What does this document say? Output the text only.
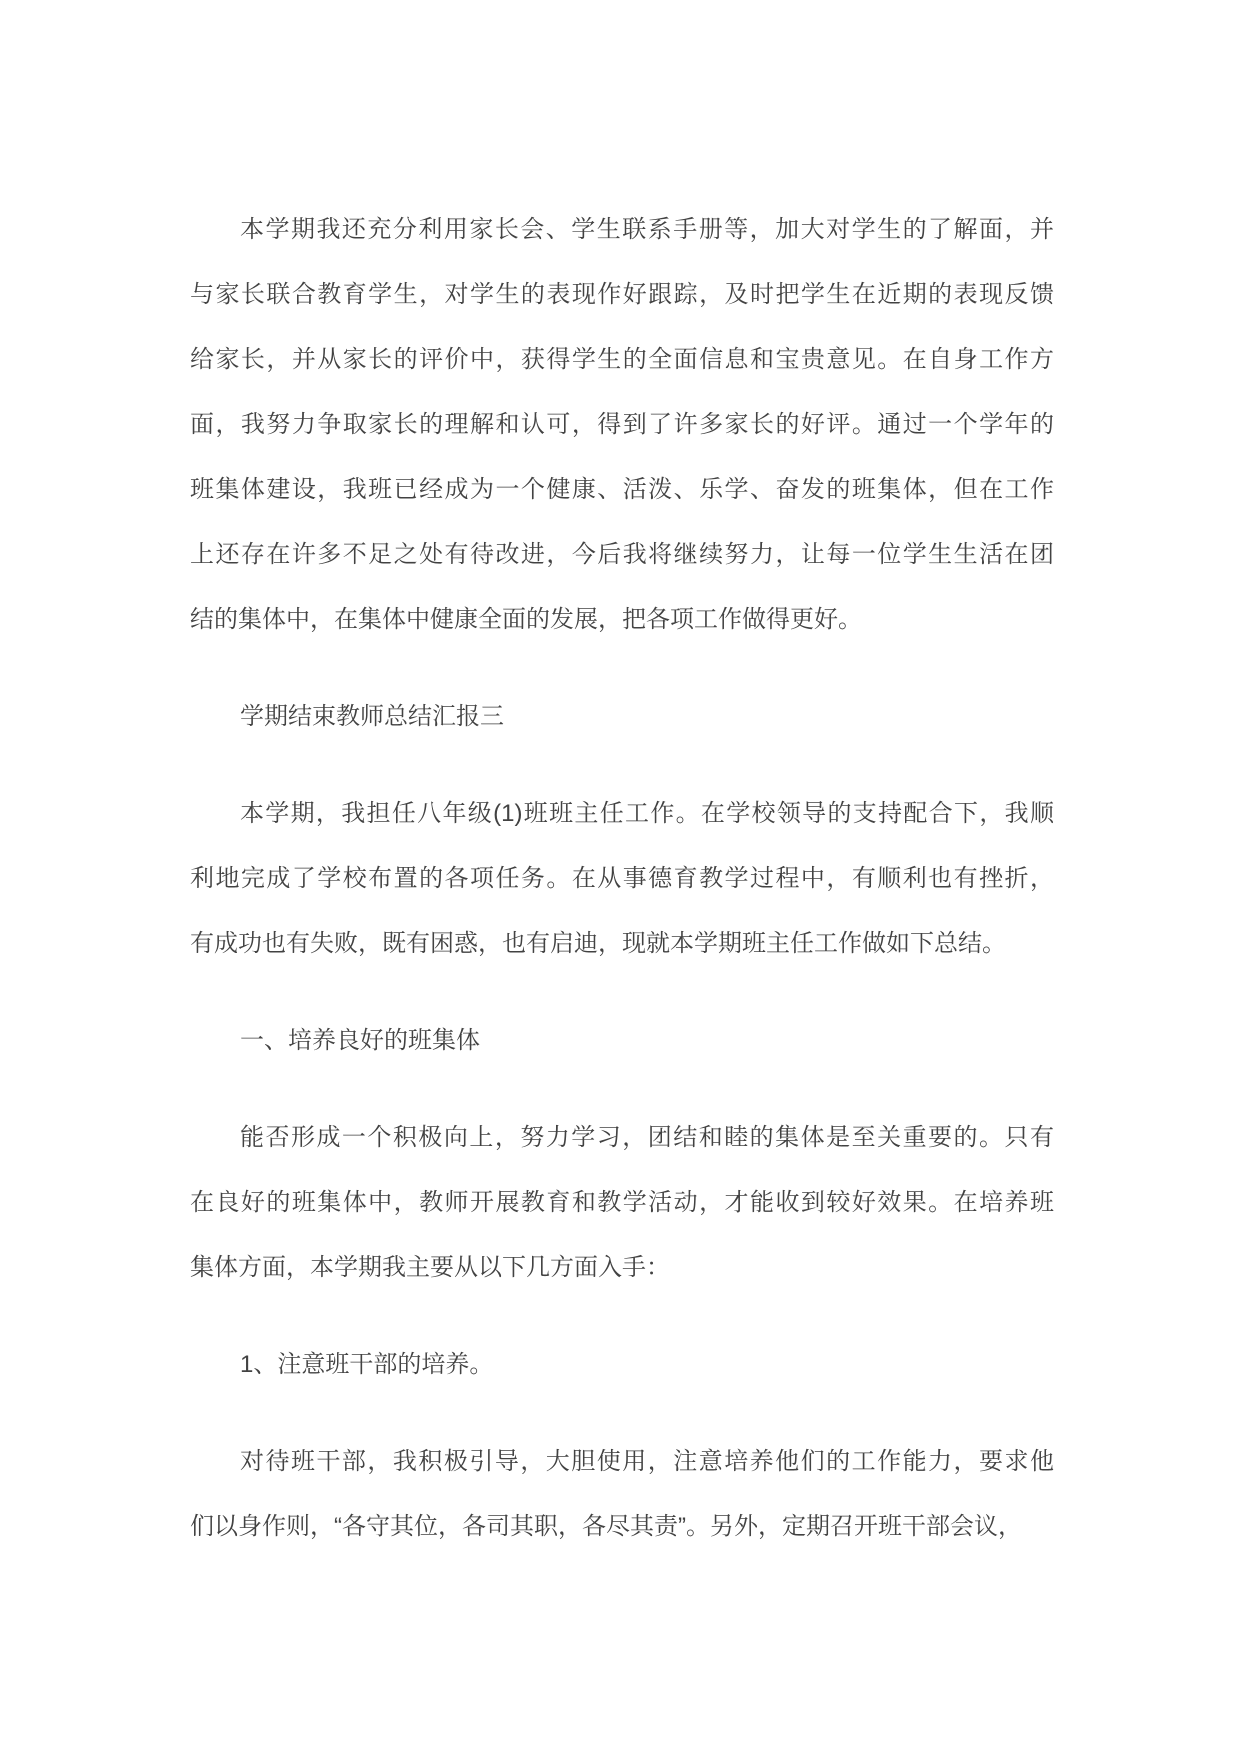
本学期我还充分利用家长会、学生联系手册等，加大对学生的了解面，并
与家长联合教育学生，对学生的表现作好跟踪，及时把学生在近期的表现反馈
给家长，并从家长的评价中，获得学生的全面信息和宝贵意见。在自身工作方
面，我努力争取家长的理解和认可，得到了许多家长的好评。通过一个学年的
班集体建设，我班已经成为一个健康、活泼、乐学、奋发的班集体，但在工作
上还存在许多不足之处有待改进，今后我将继续努力，让每一位学生生活在团
结的集体中，在集体中健康全面的发展，把各项工作做得更好。

学期结束教师总结汇报三

本学期，我担任八年级(1)班班主任工作。在学校领导的支持配合下，我顺
利地完成了学校布置的各项任务。在从事德育教学过程中，有顺利也有挫折，
有成功也有失败，既有困惑，也有启迪，现就本学期班主任工作做如下总结。

一、培养良好的班集体

能否形成一个积极向上，努力学习，团结和睦的集体是至关重要的。只有
在良好的班集体中，教师开展教育和教学活动，才能收到较好效果。在培养班
集体方面，本学期我主要从以下几方面入手：

1、注意班干部的培养。

对待班干部，我积极引导，大胆使用，注意培养他们的工作能力，要求他
们以身作则，“各守其位，各司其职，各尽其责”。另外，定期召开班干部会议，
